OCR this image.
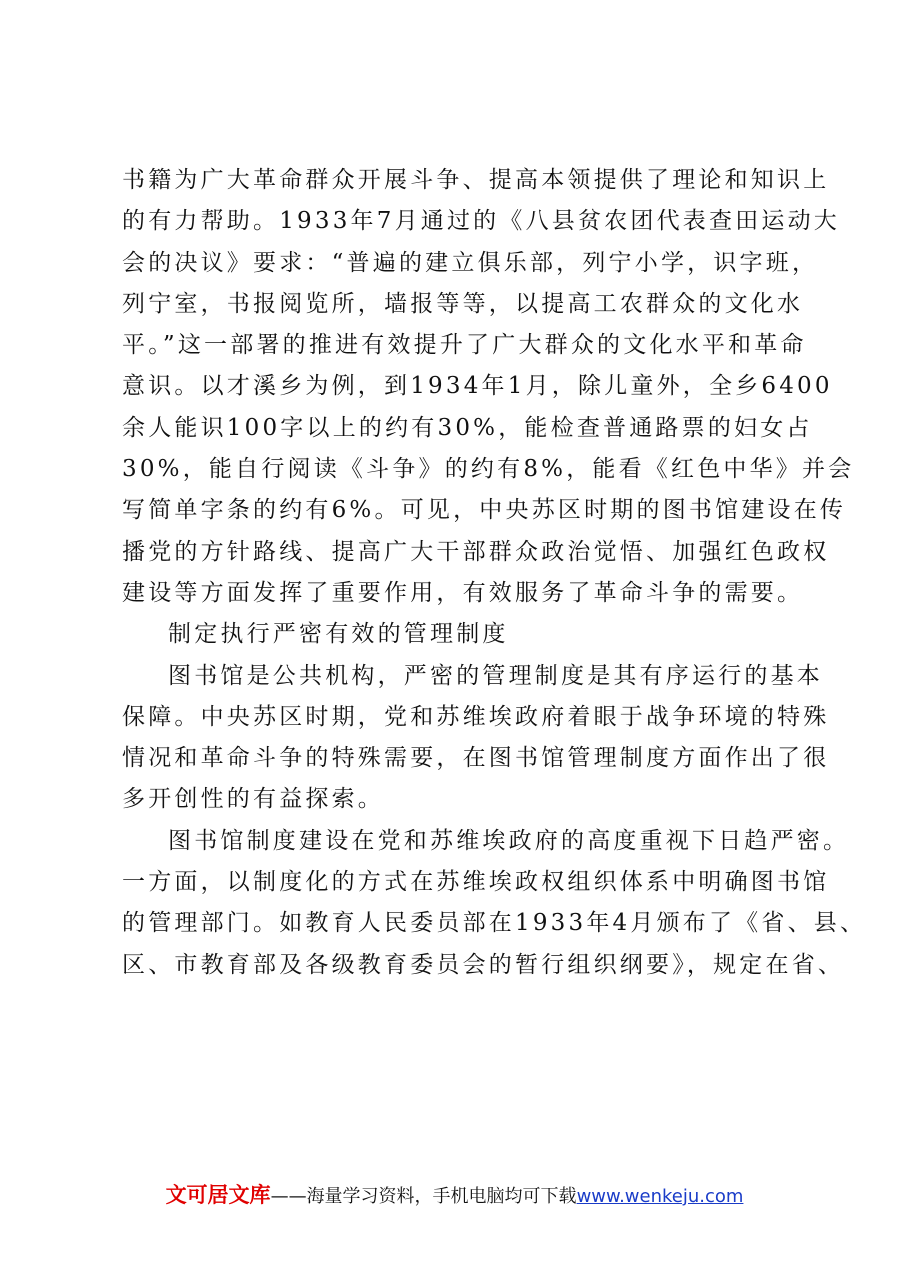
书籍为广大革命群众开展斗争、提高本领提供了理论和知识上

的有力帮助。1933年7月通过的《八县贫农团代表查田运动大

会的决议》要求：“普遍的建立俱乐部，列宁小学，识字班，

列宁室，书报阅览所，墙报等等，以提高工农群众的文化水

平。”这一部署的推进有效提升了广大群众的文化水平和革命

意识。以才溪乡为例，到1934年1月，除儿童外，全乡6400

余人能识100字以上的约有30%，能检查普通路票的妇女占

30%，能自行阅读《斗争》的约有8%，能看《红色中华》并会

写简单字条的约有6%。可见，中央苏区时期的图书馆建设在传

播党的方针路线、提高广大干部群众政治觉悟、加强红色政权

建设等方面发挥了重要作用，有效服务了革命斗争的需要。

制定执行严密有效的管理制度

图书馆是公共机构，严密的管理制度是其有序运行的基本

保障。中央苏区时期，党和苏维埃政府着眼于战争环境的特殊

情况和革命斗争的特殊需要，在图书馆管理制度方面作出了很

多开创性的有益探索。

图书馆制度建设在党和苏维埃政府的高度重视下日趋严密。

一方面，以制度化的方式在苏维埃政权组织体系中明确图书馆

的管理部门。如教育人民委员部在1933年4月颁布了《省、县、

区、市教育部及各级教育委员会的暂行组织纲要》，规定在省、

文可居文库——海量学习资料，手机电脑均可下载www.wenkeju.com
